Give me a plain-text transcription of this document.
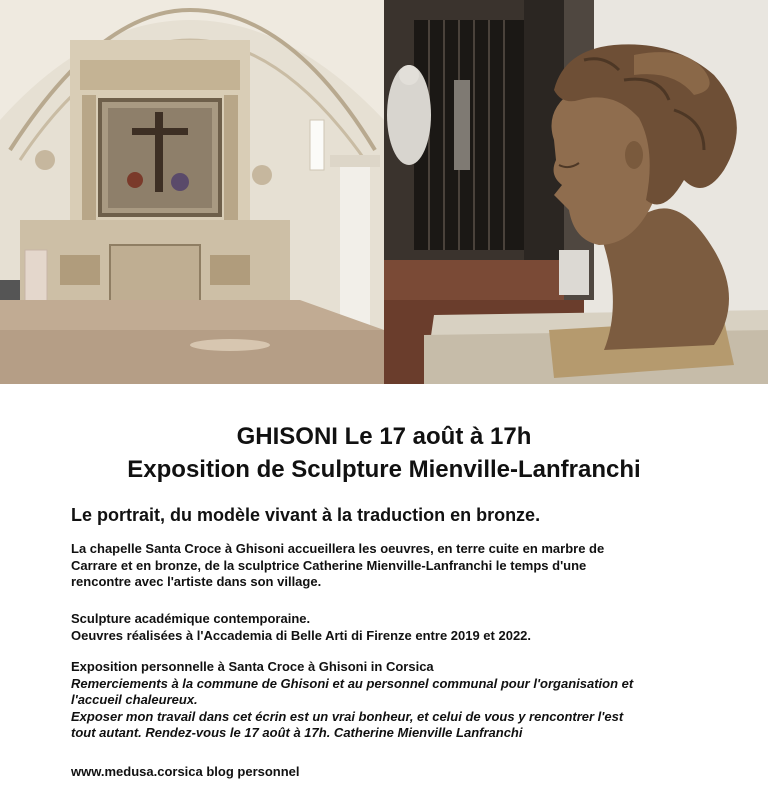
GHISONI Le 17 août à 17h
Exposition de Sculpture Mienville-Lanfranchi
Le portrait, du modèle vivant à la traduction en bronze.
La chapelle Santa Croce à Ghisoni accueillera les oeuvres, en terre cuite en marbre de
Carrare et en bronze, de la sculptrice Catherine Mienville-Lanfranchi le temps d'une
rencontre avec l'artiste dans son village.
Sculpture académique contemporaine.
Oeuvres réalisées à l'Accademia di Belle Arti di Firenze entre 2019 et 2022.
Exposition personnelle à Santa Croce à Ghisoni in Corsica
Remerciements à la commune de Ghisoni et au personnel communal pour l'organisation et
l'accueil chaleureux.
Exposer mon travail dans cet écrin est un vrai bonheur, et celui de vous y rencontrer l'est
tout autant. Rendez-vous le 17 août à 17h. Catherine Mienville Lanfranchi
www.medusa.corsica blog personnel
